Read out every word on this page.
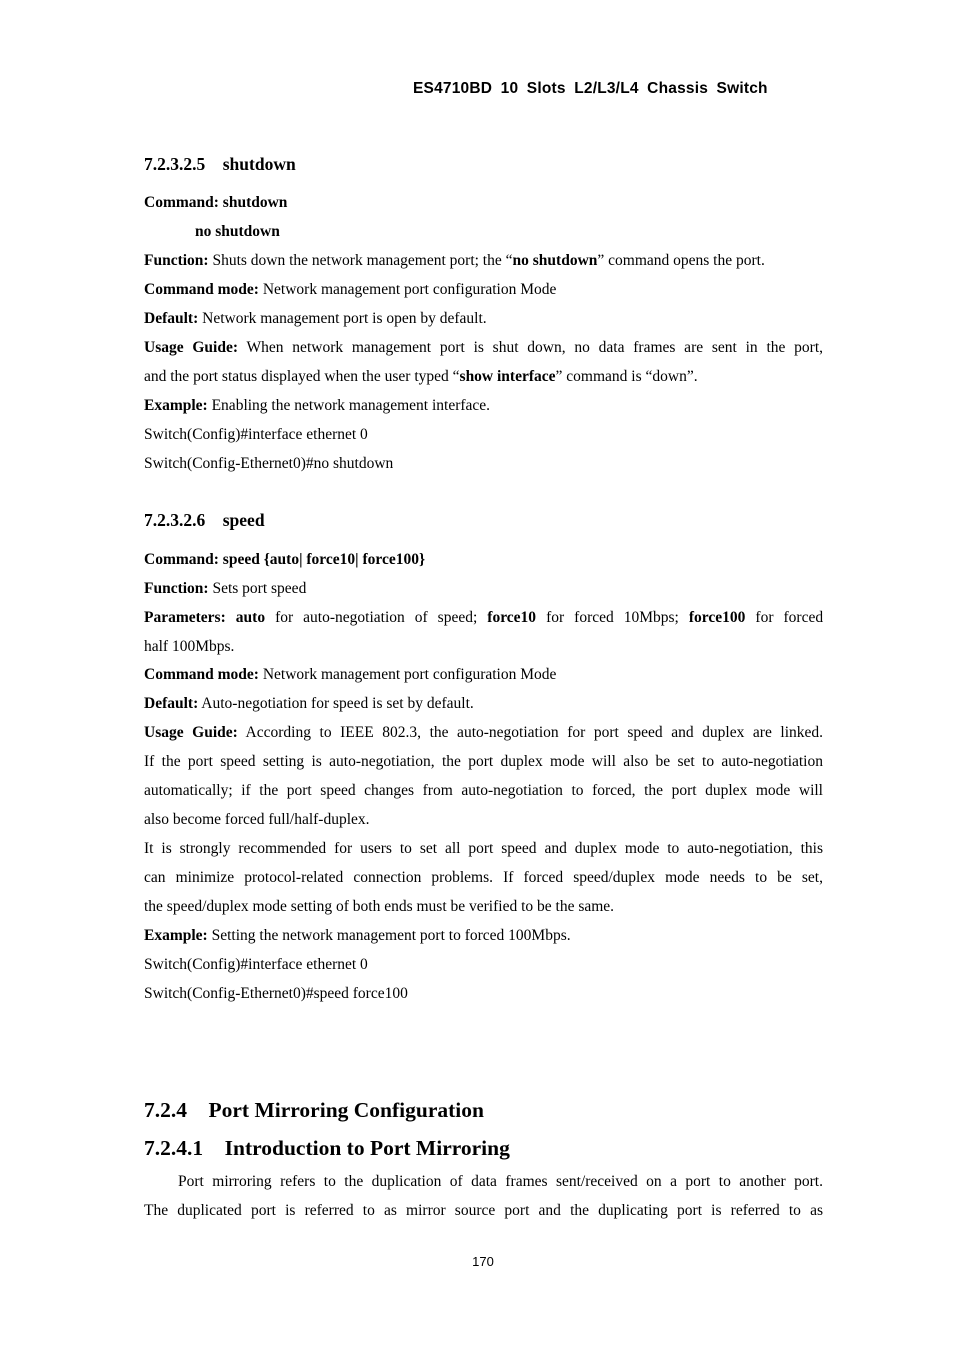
ES4710BD 10 Slots L2/L3/L4 Chassis Switch
7.2.3.2.5 shutdown
Command: shutdown
no shutdown
Function: Shuts down the network management port; the “no shutdown” command opens the port.
Command mode: Network management port configuration Mode
Default: Network management port is open by default.
Usage Guide: When network management port is shut down, no data frames are sent in the port,
and the port status displayed when the user typed “show interface” command is “down”.
Example: Enabling the network management interface.
Switch(Config)#interface ethernet 0
Switch(Config-Ethernet0)#no shutdown
7.2.3.2.6 speed
Command: speed {auto| force10| force100}
Function: Sets port speed
Parameters: auto for auto-negotiation of speed; force10 for forced 10Mbps; force100 for forced
half 100Mbps.
Command mode: Network management port configuration Mode
Default: Auto-negotiation for speed is set by default.
Usage Guide: According to IEEE 802.3, the auto-negotiation for port speed and duplex are linked.
If the port speed setting is auto-negotiation, the port duplex mode will also be set to auto-negotiation
automatically; if the port speed changes from auto-negotiation to forced, the port duplex mode will
also become forced full/half-duplex.
It is strongly recommended for users to set all port speed and duplex mode to auto-negotiation, this
can minimize protocol-related connection problems. If forced speed/duplex mode needs to be set,
the speed/duplex mode setting of both ends must be verified to be the same.
Example: Setting the network management port to forced 100Mbps.
Switch(Config)#interface ethernet 0
Switch(Config-Ethernet0)#speed force100
7.2.4 Port Mirroring Configuration
7.2.4.1 Introduction to Port Mirroring
Port mirroring refers to the duplication of data frames sent/received on a port to another port.
The duplicated port is referred to as mirror source port and the duplicating port is referred to as
170
